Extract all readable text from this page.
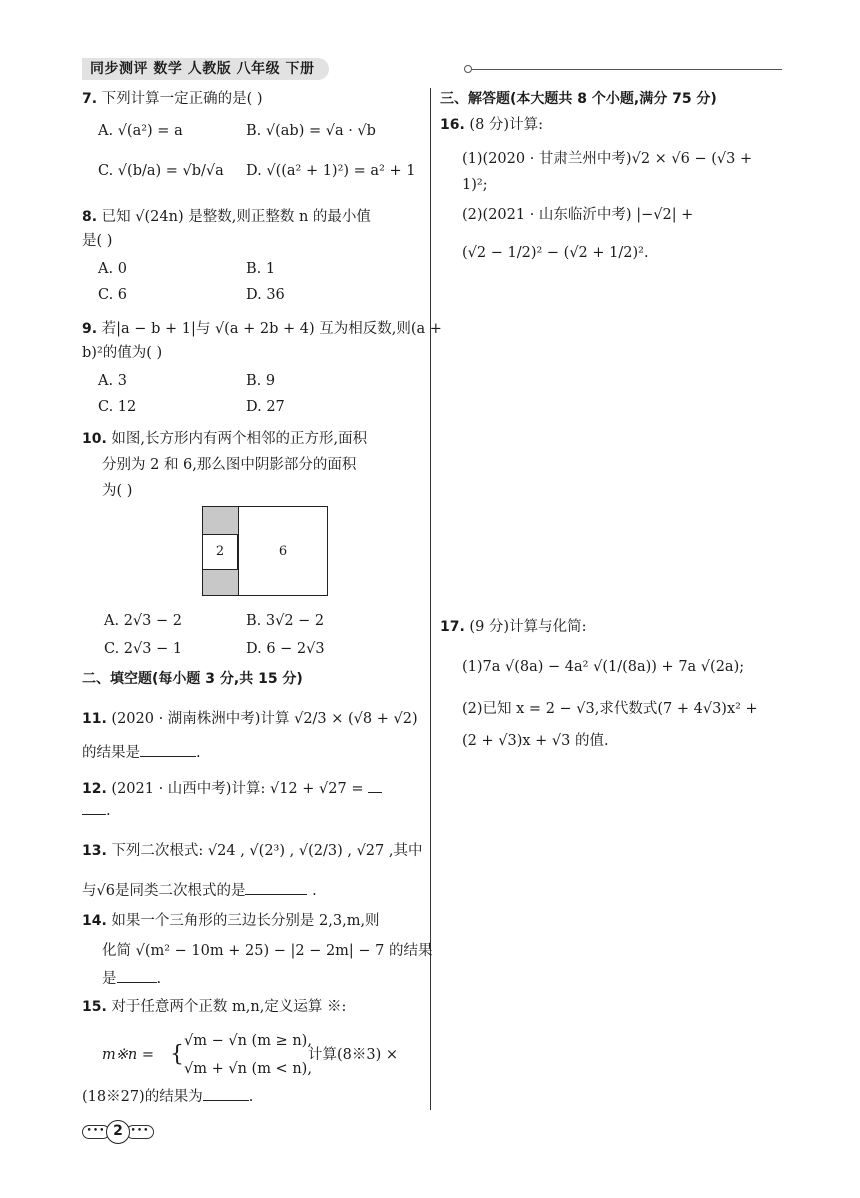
同步测评 数学 人教版 八年级 下册
7. 下列计算一定正确的是( )
A. √(a²) = a	B. √(ab) = √a · √b
C. √(b/a) = √b/√a D. √((a² + 1)²) = a² + 1
8. 已知 √(24n) 是整数,则正整数 n 的最小值
是( )
A. 0	B. 1
C. 6	D. 36
9. 若|a − b + 1|与 √(a + 2b + 4) 互为相反数,则(a +
b)²的值为( )
A. 3	B. 9
C. 12	D. 27
10. 如图,长方形内有两个相邻的正方形,面积
分别为 2 和 6,那么图中阴影部分的面积
为( )
2	6
A. 2√3 − 2	B. 3√2 − 2
C. 2√3 − 1	D. 6 − 2√3
二、填空题(每小题 3 分,共 15 分)
11. (2020 · 湖南株洲中考)计算 √2/3 × (√8 + √2)
的结果是	.
12. (2021 · 山西中考)计算: √12 + √27 =
.
13. 下列二次根式: √24 , √(2³) , √(2/3) , √27 ,其中
与√6是同类二次根式的是	.
14. 如果一个三角形的三边长分别是 2,3,m,则
化简 √(m² − 10m + 25) − |2 − 2m| − 7 的结果
是	.
15. 对于任意两个正数 m,n,定义运算 ※:
m※n = {
√m − √n (m ≥ n),
√m + √n (m < n),
计算(8※3) ×
(18※27)的结果为	.
三、解答题(本大题共 8 个小题,满分 75 分)
16. (8 分)计算:
(1)(2020 · 甘肃兰州中考)√2 × √6 − (√3 +
1)²;
(2)(2021 · 山东临沂中考) |−√2| +
(√2 − 1/2)² − (√2 + 1/2)².
17. (9 分)计算与化简:
(1)7a √(8a) − 4a² √(1/(8a)) + 7a √(2a);
(2)已知 x = 2 − √3,求代数式(7 + 4√3)x² +
(2 + √3)x + √3 的值.
•••	•••
2
